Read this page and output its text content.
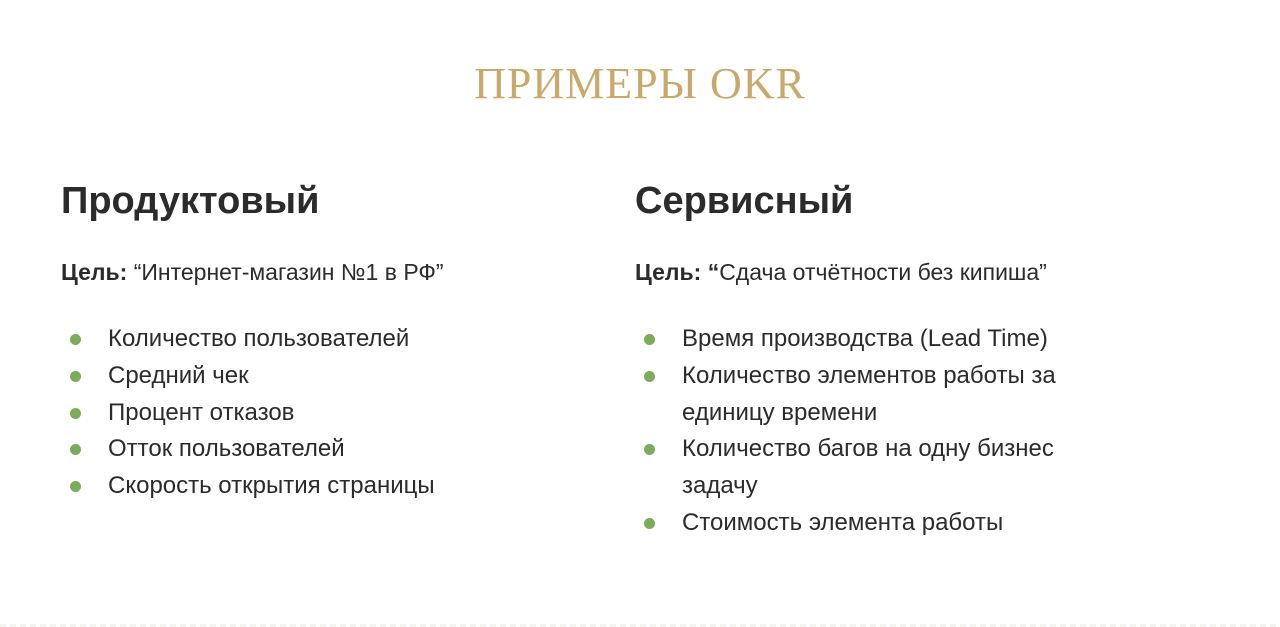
ПРИМЕРЫ OKR
Продуктовый
Цель: “Интернет-магазин №1 в РФ”
Количество пользователей
Средний чек
Процент отказов
Отток пользователей
Скорость открытия страницы
Сервисный
Цель: “Сдача отчётности без кипиша”
Время производства (Lead Time)
Количество элементов работы за единицу времени
Количество багов на одну бизнес задачу
Стоимость элемента работы
